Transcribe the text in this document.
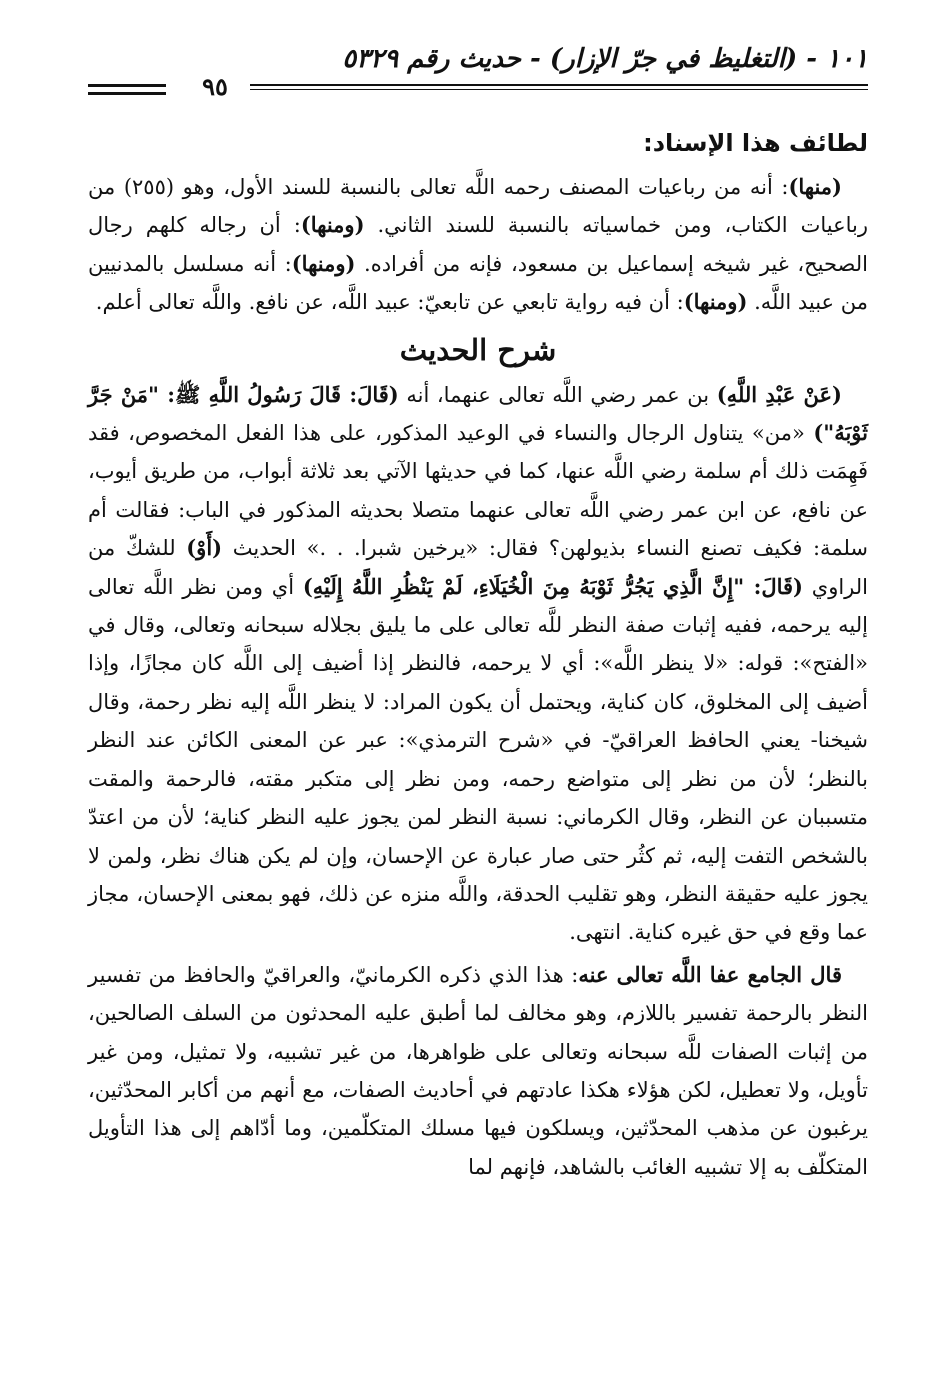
١٠١ - (التغليظ في جرّ الإزار) - حديث رقم ٥٣٢٩
٩٥
لطائف هذا الإسناد:

(منها): أنه من رباعيات المصنف رحمه اللَّه تعالى بالنسبة للسند الأول، وهو (٢٥٥) من رباعيات الكتاب، ومن خماسياته بالنسبة للسند الثاني. (ومنها): أن رجاله كلهم رجال الصحيح، غير شيخه إسماعيل بن مسعود، فإنه من أفراده. (ومنها): أنه مسلسل بالمدنيين من عبيد اللَّه. (ومنها): أن فيه رواية تابعي عن تابعيّ: عبيد اللَّه، عن نافع. واللَّه تعالى أعلم.

شرح الحديث

(عَنْ عَبْدِ اللَّهِ) بن عمر رضي اللَّه تعالى عنهما، أنه (قَالَ: قَالَ رَسُولُ اللَّهِ ﷺ: "مَنْ جَرَّ ثَوْبَهُ") «من» يتناول الرجال والنساء في الوعيد المذكور، على هذا الفعل المخصوص، فقد فَهِمَت ذلك أم سلمة رضي اللَّه عنها، كما في حديثها الآتي بعد ثلاثة أبواب، من طريق أيوب، عن نافع، عن ابن عمر رضي اللَّه تعالى عنهما متصلا بحديثه المذكور في الباب: فقالت أم سلمة: فكيف تصنع النساء بذيولهن؟ فقال: «يرخين شبرا. . .» الحديث (أَوْ) للشكّ من الراوي (قَالَ: "إِنَّ الَّذِي يَجُرُّ ثَوْبَهُ مِنَ الْخُيَلَاءِ، لَمْ يَنْظُرِ اللَّهُ إِلَيْهِ) أي ومن نظر اللَّه تعالى إليه يرحمه، ففيه إثبات صفة النظر للَّه تعالى على ما يليق بجلاله سبحانه وتعالى، وقال في «الفتح»: قوله: «لا ينظر اللَّه»: أي لا يرحمه، فالنظر إذا أضيف إلى اللَّه كان مجازًا، وإذا أضيف إلى المخلوق، كان كناية، ويحتمل أن يكون المراد: لا ينظر اللَّه إليه نظر رحمة، وقال شيخنا- يعني الحافظ العراقيّ- في «شرح الترمذي»: عبر عن المعنى الكائن عند النظر بالنظر؛ لأن من نظر إلى متواضع رحمه، ومن نظر إلى متكبر مقته، فالرحمة والمقت متسببان عن النظر، وقال الكرماني: نسبة النظر لمن يجوز عليه النظر كناية؛ لأن من اعتدّ بالشخص التفت إليه، ثم كثُر حتى صار عبارة عن الإحسان، وإن لم يكن هناك نظر، ولمن لا يجوز عليه حقيقة النظر، وهو تقليب الحدقة، واللَّه منزه عن ذلك، فهو بمعنى الإحسان، مجاز عما وقع في حق غيره كناية. انتهى.

قال الجامع عفا اللَّه تعالى عنه: هذا الذي ذكره الكرمانيّ، والعراقيّ والحافظ من تفسير النظر بالرحمة تفسير باللازم، وهو مخالف لما أطبق عليه المحدثون من السلف الصالحين، من إثبات الصفات للَّه سبحانه وتعالى على ظواهرها، من غير تشبيه، ولا تمثيل، ومن غير تأويل، ولا تعطيل، لكن هؤلاء هكذا عادتهم في أحاديث الصفات، مع أنهم من أكابر المحدّثين، يرغبون عن مذهب المحدّثين، ويسلكون فيها مسلك المتكلّمين، وما أدّاهم إلى هذا التأويل المتكلّف به إلا تشبيه الغائب بالشاهد، فإنهم لما
